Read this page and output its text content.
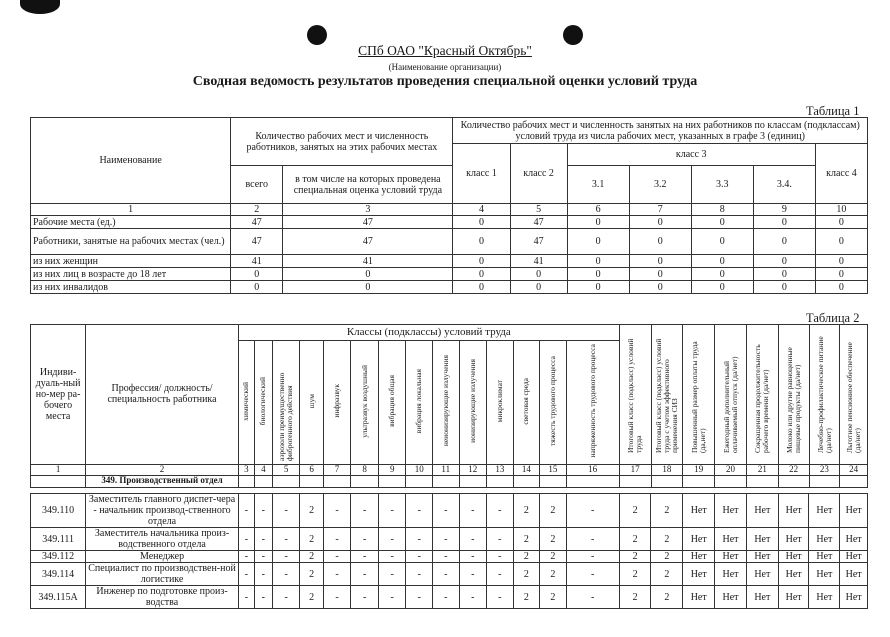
СПб ОАО "Красный Октябрь"
(Наименование организации)
Сводная ведомость результатов проведения специальной оценки условий труда
Таблица 1
Наименование	Количество рабочих мест и численность работников, занятых на этих рабочих местах		Количество рабочих мест и численность занятых на них работников по классам (подклассам) условий труда из числа рабочих мест, указанных в графе 3 (единиц)						
			класс 1	класс 2	класс 3				класс 4
	всего	в том числе на которых проведена специальная оценка условий труда			3.1	3.2	3.3	3.4.	
1	2	3	4	5	6	7	8	9	10
Рабочие места (ед.)	47	47	0	47	0	0	0	0	0
Работники, занятые на рабочих местах (чел.)	47	47	0	47	0	0	0	0	0
из них женщин	41	41	0	41	0	0	0	0	0
из них лиц в возрасте до 18 лет	0	0	0	0	0	0	0	0	0
из них инвалидов	0	0	0	0	0	0	0	0	0
Таблица 2
Индиви-дуаль-ный но-мер ра-бочего места	Профессия/ должность/ специальность работника	Классы (подклассы) условий труда														Итоговый класс (подкласс) условий труда	Итоговый класс (подкласс) условий труда с учетом эффективного применения СИЗ	Повышенный размер оплаты труда (да,нет)	Ежегодный дополнительный оплачиваемый отпуск (да/нет)	Сокращенная продолжительность рабочего времени (да/нет)	Молоко или другие равноценные пищевые продукты (да/нет)	Лечебно-профилактическое питание (да/нет)	Льготное пенсионное обеспечение (да/нет)
		химический	биологический	аэрозоли преимущественно фиброгенного действия	шум	инфразвук	ультразвук воздушный	вибрация общая	вибрация локальная	неионизирующие излучения	ионизирующие излучения	микроклимат	световая среда	тяжесть трудового процесса	напряженность трудового процесса								
1	2	3	4	5	6	7	8	9	10	11	12	13	14	15	16	17	18	19	20	21	22	23	24
	349. Производственный отдел																						
349.110	Заместитель главного диспет-чера - начальник производ-ственного отдела	-	-	-	2	-	-	-	-	-	-	-	2	2	-	2	2	Нет	Нет	Нет	Нет	Нет	Нет
349.111	Заместитель начальника произ-водственного отдела	-	-	-	2	-	-	-	-	-	-	-	2	2	-	2	2	Нет	Нет	Нет	Нет	Нет	Нет
349.112	Менеджер	-	-	-	2	-	-	-	-	-	-	-	2	2	-	2	2	Нет	Нет	Нет	Нет	Нет	Нет
349.114	Специалист по производствен-ной логистике	-	-	-	2	-	-	-	-	-	-	-	2	2	-	2	2	Нет	Нет	Нет	Нет	Нет	Нет
349.115А	Инженер по подготовке произ-водства	-	-	-	2	-	-	-	-	-	-	-	2	2	-	2	2	Нет	Нет	Нет	Нет	Нет	Нет
